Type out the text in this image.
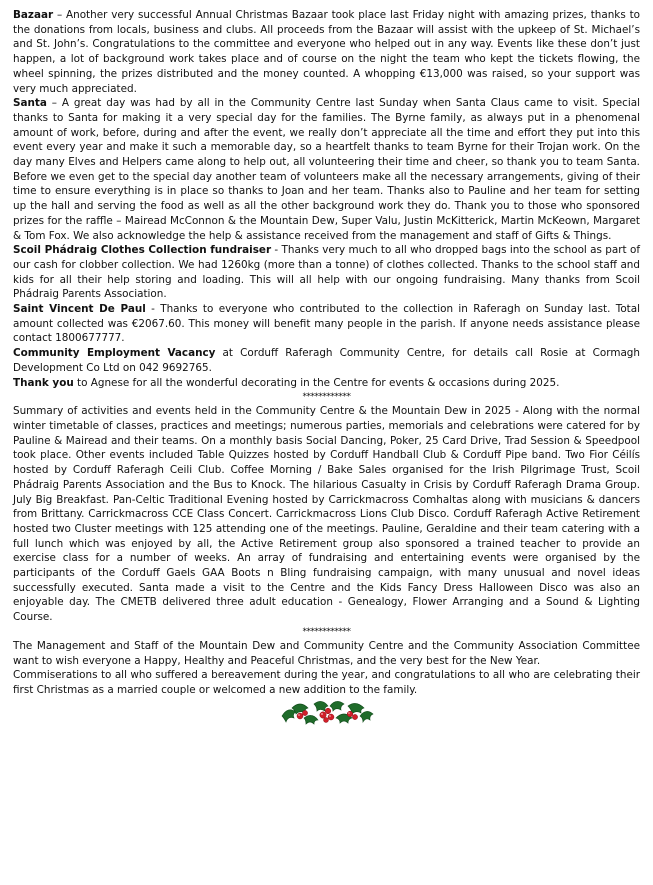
Bazaar – Another very successful Annual Christmas Bazaar took place last Friday night with amazing prizes, thanks to the donations from locals, business and clubs. All proceeds from the Bazaar will assist with the upkeep of St. Michael’s and St. John’s. Congratulations to the committee and everyone who helped out in any way. Events like these don’t just happen, a lot of background work takes place and of course on the night the team who kept the tickets flowing, the wheel spinning, the prizes distributed and the money counted. A whopping €13,000 was raised, so your support was very much appreciated.

Santa – A great day was had by all in the Community Centre last Sunday when Santa Claus came to visit. Special thanks to Santa for making it a very special day for the families. The Byrne family, as always put in a phenomenal amount of work, before, during and after the event, we really don’t appreciate all the time and effort they put into this event every year and make it such a memorable day, so a heartfelt thanks to team Byrne for their Trojan work. On the day many Elves and Helpers came along to help out, all volunteering their time and cheer, so thank you to team Santa. Before we even get to the special day another team of volunteers make all the necessary arrangements, giving of their time to ensure everything is in place so thanks to Joan and her team. Thanks also to Pauline and her team for setting up the hall and serving the food as well as all the other background work they do. Thank you to those who sponsored prizes for the raffle – Mairead McConnon & the Mountain Dew, Super Valu, Justin McKitterick, Martin McKeown, Margaret & Tom Fox. We also acknowledge the help & assistance received from the management and staff of Gifts & Things.

Scoil Phádraig Clothes Collection fundraiser - Thanks very much to all who dropped bags into the school as part of our cash for clobber collection. We had 1260kg (more than a tonne) of clothes collected. Thanks to the school staff and kids for all their help storing and loading. This will all help with our ongoing fundraising. Many thanks from Scoil Phádraig Parents Association.

Saint Vincent De Paul - Thanks to everyone who contributed to the collection in Raferagh on Sunday last. Total amount collected was €2067.60. This money will benefit many people in the parish. If anyone needs assistance please contact 1800677777.

Community Employment Vacancy at Corduff Raferagh Community Centre, for details call Rosie at Cormagh Development Co Ltd on 042 9692765.

Thank you to Agnese for all the wonderful decorating in the Centre for events & occasions during 2025.

************

Summary of activities and events held in the Community Centre & the Mountain Dew in 2025 - Along with the normal winter timetable of classes, practices and meetings; numerous parties, memorials and celebrations were catered for by Pauline & Mairead and their teams. On a monthly basis Social Dancing, Poker, 25 Card Drive, Trad Session & Speedpool took place. Other events included Table Quizzes hosted by Corduff Handball Club & Corduff Pipe band. Two Fior Céilís hosted by Corduff Raferagh Ceili Club. Coffee Morning / Bake Sales organised for the Irish Pilgrimage Trust, Scoil Phádraig Parents Association and the Bus to Knock. The hilarious Casualty in Crisis by Corduff Raferagh Drama Group. July Big Breakfast. Pan-Celtic Traditional Evening hosted by Carrickmacross Comhaltas along with musicians & dancers from Brittany. Carrickmacross CCE Class Concert. Carrickmacross Lions Club Disco. Corduff Raferagh Active Retirement hosted two Cluster meetings with 125 attending one of the meetings. Pauline, Geraldine and their team catering with a full lunch which was enjoyed by all, the Active Retirement group also sponsored a trained teacher to provide an exercise class for a number of weeks. An array of fundraising and entertaining events were organised by the participants of the Corduff Gaels GAA Boots n Bling fundraising campaign, with many unusual and novel ideas successfully executed. Santa made a visit to the Centre and the Kids Fancy Dress Halloween Disco was also an enjoyable day. The CMETB delivered three adult education - Genealogy, Flower Arranging and a Sound & Lighting Course.

************

The Management and Staff of the Mountain Dew and Community Centre and the Community Association Committee want to wish everyone a Happy, Healthy and Peaceful Christmas, and the very best for the New Year.

Commiserations to all who suffered a bereavement during the year, and congratulations to all who are celebrating their first Christmas as a married couple or welcomed a new addition to the family.
